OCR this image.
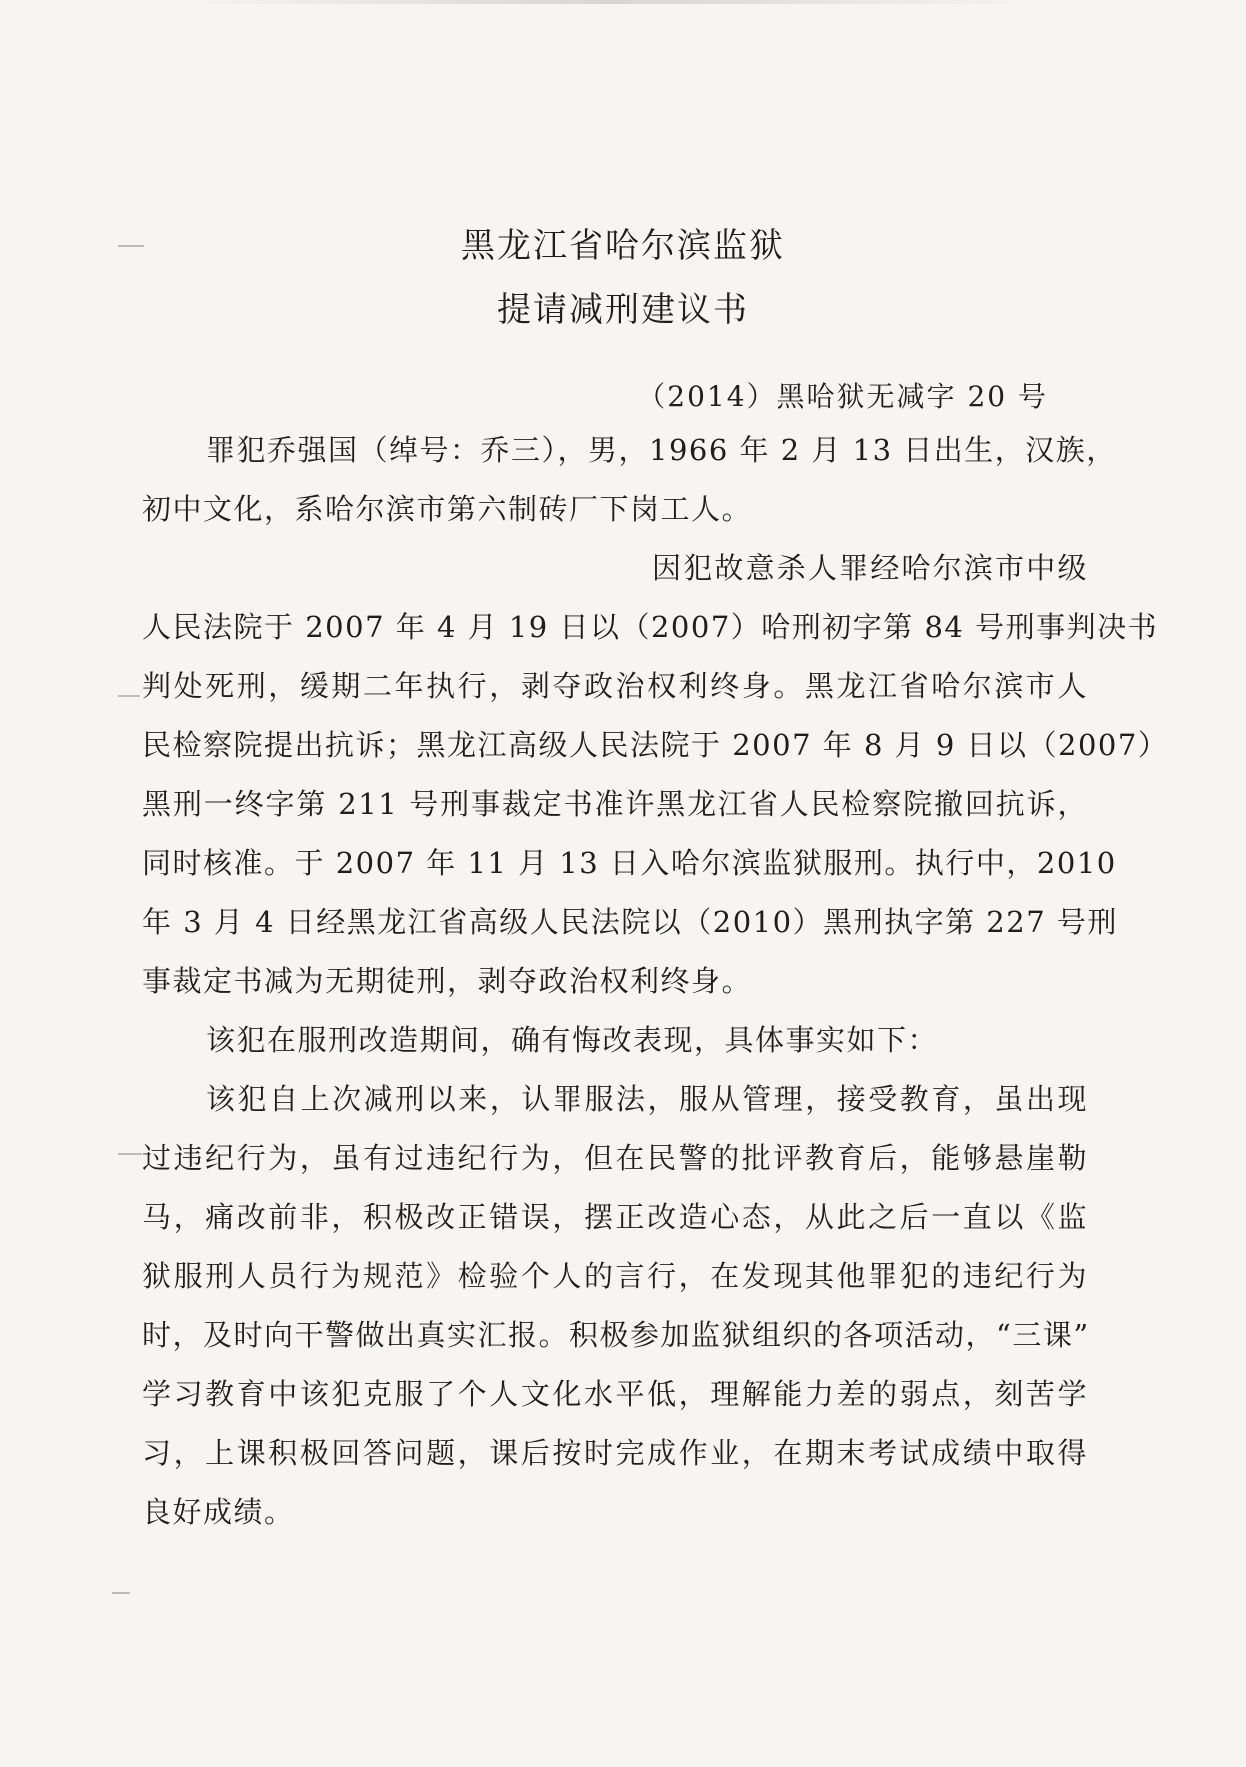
黑龙江省哈尔滨监狱
提请减刑建议书
（2014）黑哈狱无减字 20 号
罪犯乔强国（绰号：乔三），男，1966 年 2 月 13 日出生，汉族，
初中文化，系哈尔滨市第六制砖厂下岗工人。
因犯故意杀人罪经哈尔滨市中级
人民法院于 2007 年 4 月 19 日以（2007）哈刑初字第 84 号刑事判决书
判处死刑，缓期二年执行，剥夺政治权利终身。黑龙江省哈尔滨市人
民检察院提出抗诉；黑龙江高级人民法院于 2007 年 8 月 9 日以（2007）
黑刑一终字第 211 号刑事裁定书准许黑龙江省人民检察院撤回抗诉，
同时核准。于 2007 年 11 月 13 日入哈尔滨监狱服刑。执行中，2010
年 3 月 4 日经黑龙江省高级人民法院以（2010）黑刑执字第 227 号刑
事裁定书减为无期徒刑，剥夺政治权利终身。
该犯在服刑改造期间，确有悔改表现，具体事实如下：
该犯自上次减刑以来，认罪服法，服从管理，接受教育，虽出现
过违纪行为，虽有过违纪行为，但在民警的批评教育后，能够悬崖勒
马，痛改前非，积极改正错误，摆正改造心态，从此之后一直以《监
狱服刑人员行为规范》检验个人的言行，在发现其他罪犯的违纪行为
时，及时向干警做出真实汇报。积极参加监狱组织的各项活动，“三课”
学习教育中该犯克服了个人文化水平低，理解能力差的弱点，刻苦学
习，上课积极回答问题，课后按时完成作业，在期末考试成绩中取得
良好成绩。
